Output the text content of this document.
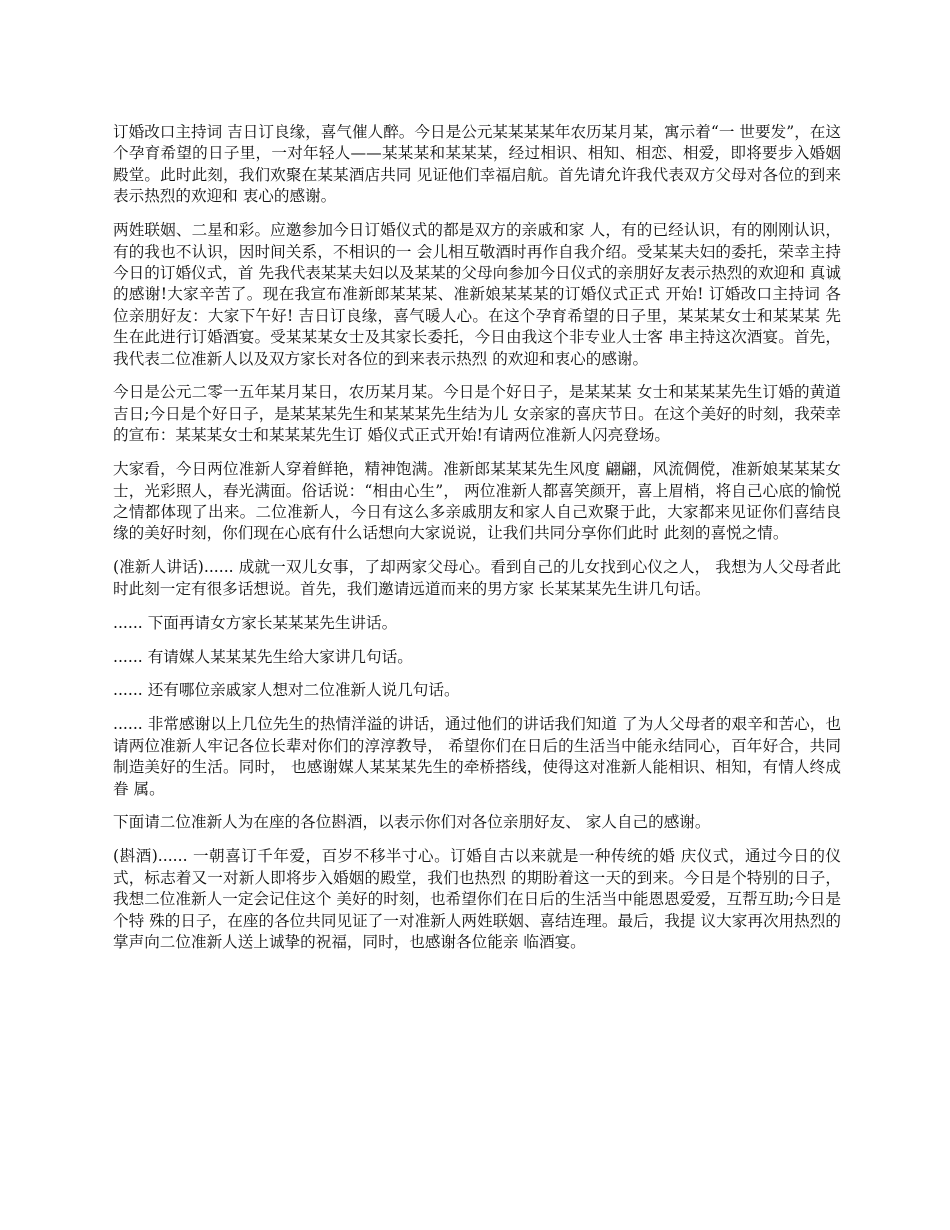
订婚改口主持词 吉日订良缘，喜气催人醉。今日是公元某某某某年农历某月某，寓示着“一 世要发”，在这个孕育希望的日子里，一对年轻人——某某某和某某某，经过相识、相知、相恋、相爱，即将要步入婚姻殿堂。此时此刻，我们欢聚在某某酒店共同 见证他们幸福启航。首先请允许我代表双方父母对各位的到来表示热烈的欢迎和 衷心的感谢。

两姓联姻、二星和彩。应邀参加今日订婚仪式的都是双方的亲戚和家 人，有的已经认识，有的刚刚认识，有的我也不认识，因时间关系，不相识的一 会儿相互敬酒时再作自我介绍。受某某夫妇的委托，荣幸主持今日的订婚仪式，首 先我代表某某夫妇以及某某的父母向参加今日仪式的亲朋好友表示热烈的欢迎和 真诚的感谢!大家辛苦了。现在我宣布准新郎某某某、准新娘某某某的订婚仪式正式 开始! 订婚改口主持词 各位亲朋好友：大家下午好! 吉日订良缘，喜气暖人心。在这个孕育希望的日子里，某某某女士和某某某 先生在此进行订婚酒宴。受某某某女士及其家长委托，今日由我这个非专业人士客 串主持这次酒宴。首先，我代表二位准新人以及双方家长对各位的到来表示热烈 的欢迎和衷心的感谢。

今日是公元二零一五年某月某日，农历某月某。今日是个好日子，是某某某 女士和某某某先生订婚的黄道吉日;今日是个好日子，是某某某先生和某某某先生结为儿 女亲家的喜庆节日。在这个美好的时刻，我荣幸的宣布：某某某女士和某某某先生订 婚仪式正式开始!有请两位准新人闪亮登场。

大家看，今日两位准新人穿着鲜艳，精神饱满。准新郎某某某先生风度 翩翩，风流倜傥，准新娘某某某女士，光彩照人，春光满面。俗话说：“相由心生”， 两位准新人都喜笑颜开，喜上眉梢，将自己心底的愉悦之情都体现了出来。二位准新人，今日有这么多亲戚朋友和家人自己欢聚于此，大家都来见证你们喜结良 缘的美好时刻，你们现在心底有什么话想向大家说说，让我们共同分享你们此时 此刻的喜悦之情。

(准新人讲话)...... 成就一双儿女事，了却两家父母心。看到自己的儿女找到心仪之人， 我想为人父母者此时此刻一定有很多话想说。首先，我们邀请远道而来的男方家 长某某某先生讲几句话。

...... 下面再请女方家长某某某先生讲话。

...... 有请媒人某某某先生给大家讲几句话。

...... 还有哪位亲戚家人想对二位准新人说几句话。

...... 非常感谢以上几位先生的热情洋溢的讲话，通过他们的讲话我们知道 了为人父母者的艰辛和苦心，也请两位准新人牢记各位长辈对你们的淳淳教导， 希望你们在日后的生活当中能永结同心，百年好合，共同制造美好的生活。同时， 也感谢媒人某某某先生的牵桥搭线，使得这对准新人能相识、相知，有情人终成眷 属。

下面请二位准新人为在座的各位斟酒，以表示你们对各位亲朋好友、 家人自己的感谢。

(斟酒)...... 一朝喜订千年爱，百岁不移半寸心。订婚自古以来就是一种传统的婚 庆仪式，通过今日的仪式，标志着又一对新人即将步入婚姻的殿堂，我们也热烈 的期盼着这一天的到来。今日是个特别的日子，我想二位准新人一定会记住这个 美好的时刻，也希望你们在日后的生活当中能恩恩爱爱，互帮互助;今日是个特 殊的日子，在座的各位共同见证了一对准新人两姓联姻、喜结连理。最后，我提 议大家再次用热烈的掌声向二位准新人送上诚挚的祝福，同时，也感谢各位能亲 临酒宴。
